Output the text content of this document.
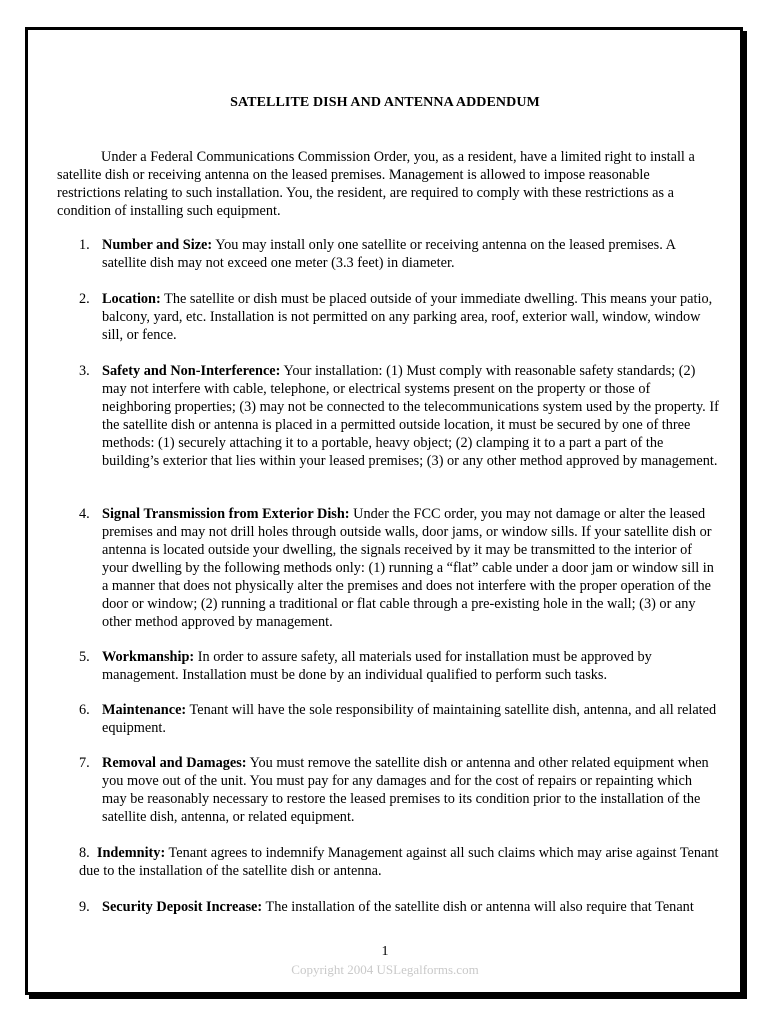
SATELLITE DISH AND ANTENNA ADDENDUM

Under a Federal Communications Commission Order, you, as a resident, have a limited right to install a satellite dish or receiving antenna on the leased premises. Management is allowed to impose reasonable restrictions relating to such installation. You, the resident, are required to comply with these restrictions as a condition of installing such equipment.

1. Number and Size: You may install only one satellite or receiving antenna on the leased premises. A satellite dish may not exceed one meter (3.3 feet) in diameter.

2. Location: The satellite or dish must be placed outside of your immediate dwelling. This means your patio, balcony, yard, etc. Installation is not permitted on any parking area, roof, exterior wall, window, window sill, or fence.

3. Safety and Non-Interference: Your installation: (1) Must comply with reasonable safety standards; (2) may not interfere with cable, telephone, or electrical systems present on the property or those of neighboring properties; (3) may not be connected to the telecommunications system used by the property. If the satellite dish or antenna is placed in a permitted outside location, it must be secured by one of three methods: (1) securely attaching it to a portable, heavy object; (2) clamping it to a part a part of the building’s exterior that lies within your leased premises; (3) or any other method approved by management.

4. Signal Transmission from Exterior Dish: Under the FCC order, you may not damage or alter the leased premises and may not drill holes through outside walls, door jams, or window sills. If your satellite dish or antenna is located outside your dwelling, the signals received by it may be transmitted to the interior of your dwelling by the following methods only: (1) running a “flat” cable under a door jam or window sill in a manner that does not physically alter the premises and does not interfere with the proper operation of the door or window; (2) running a traditional or flat cable through a pre-existing hole in the wall; (3) or any other method approved by management.

5. Workmanship: In order to assure safety, all materials used for installation must be approved by management. Installation must be done by an individual qualified to perform such tasks.

6. Maintenance: Tenant will have the sole responsibility of maintaining satellite dish, antenna, and all related equipment.

7. Removal and Damages: You must remove the satellite dish or antenna and other related equipment when you move out of the unit. You must pay for any damages and for the cost of repairs or repainting which may be reasonably necessary to restore the leased premises to its condition prior to the installation of the satellite dish, antenna, or related equipment.

8. Indemnity: Tenant agrees to indemnify Management against all such claims which may arise against Tenant due to the installation of the satellite dish or antenna.

9. Security Deposit Increase: The installation of the satellite dish or antenna will also require that Tenant

1
Copyright 2004 USLegalforms.com
